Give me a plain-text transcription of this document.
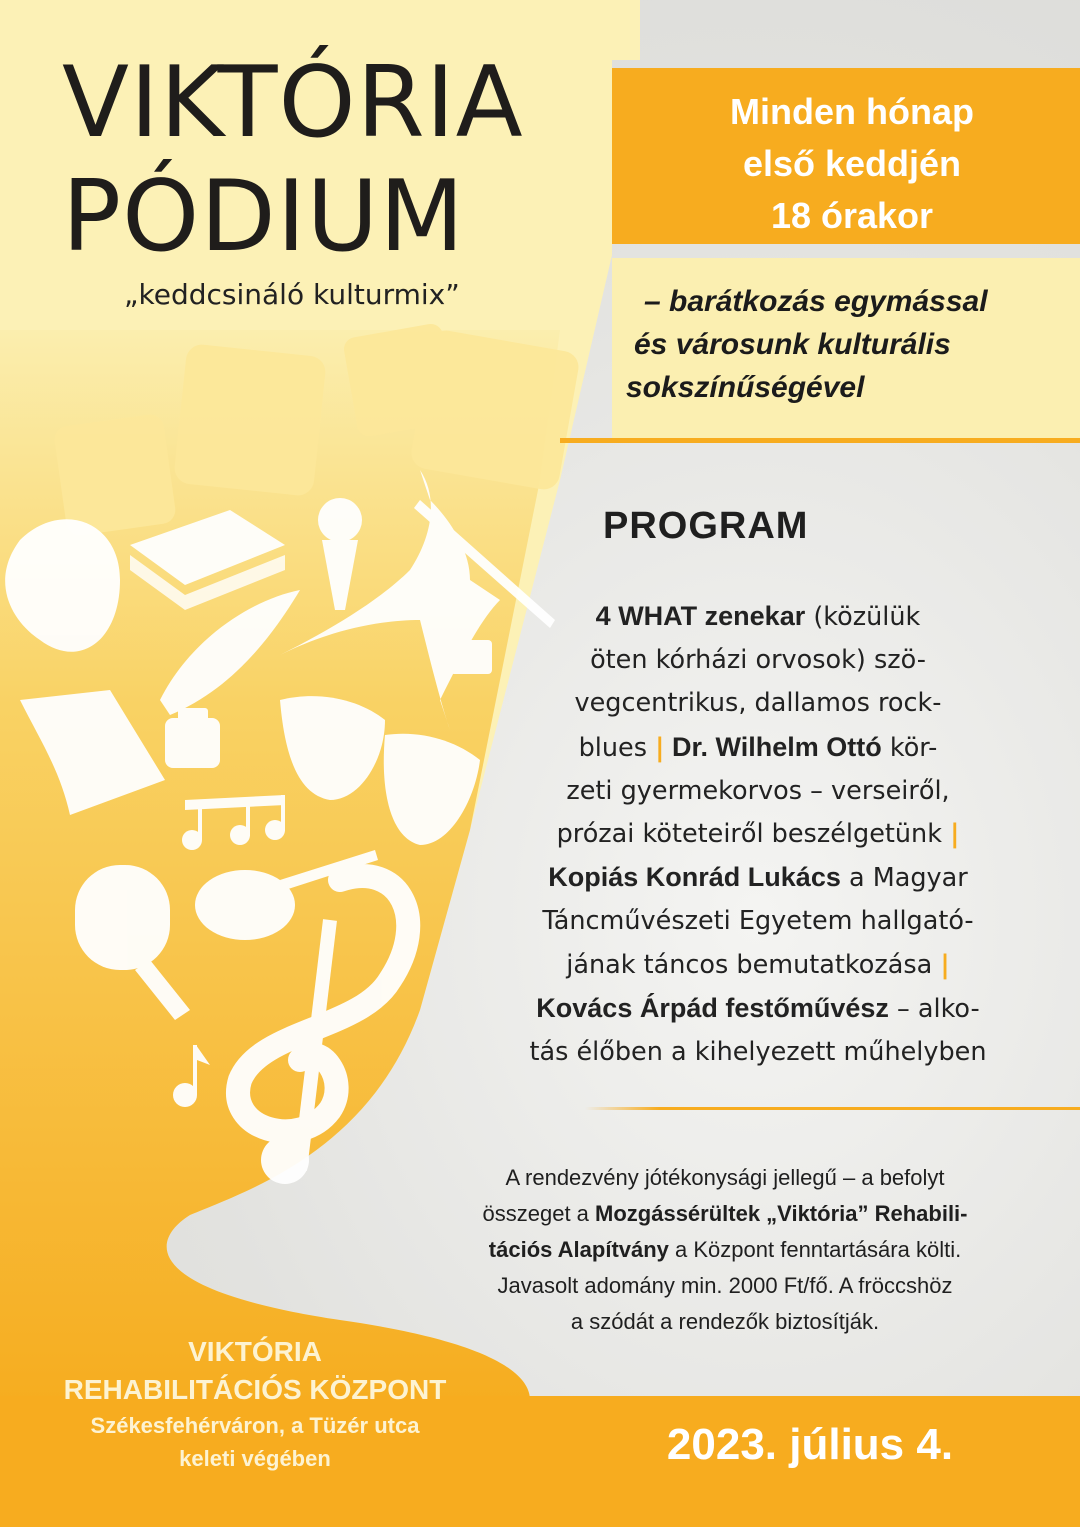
Minden hónap
első keddjén
18 órakor
– barátkozás egymással
és városunk kulturális
sokszínűségével
VIKTÓRIA
PÓDIUM
„keddcsináló kulturmix”
PROGRAM
4 WHAT zenekar (közülük
öten kórházi orvosok) szö-
vegcentrikus, dallamos rock-
blues | Dr. Wilhelm Ottó kör-
zeti gyermekorvos – verseiről,
prózai köteteiről beszélgetünk |
Kopiás Konrád Lukács a Magyar
Táncművészeti Egyetem hallgató-
jának táncos bemutatkozása |
Kovács Árpád festőművész – alko-
tás élőben a kihelyezett műhelyben
A rendezvény jótékonysági jellegű – a befolyt
összeget a Mozgássérültek „Viktória” Rehabili-
tációs Alapítvány a Központ fenntartására költi.
Javasolt adomány min. 2000 Ft/fő. A fröccshöz
a szódát a rendezők biztosítják.
VIKTÓRIA
REHABILITÁCIÓS KÖZPONT
Székesfehérváron, a Tüzér utca
keleti végében	2023. július 4.
